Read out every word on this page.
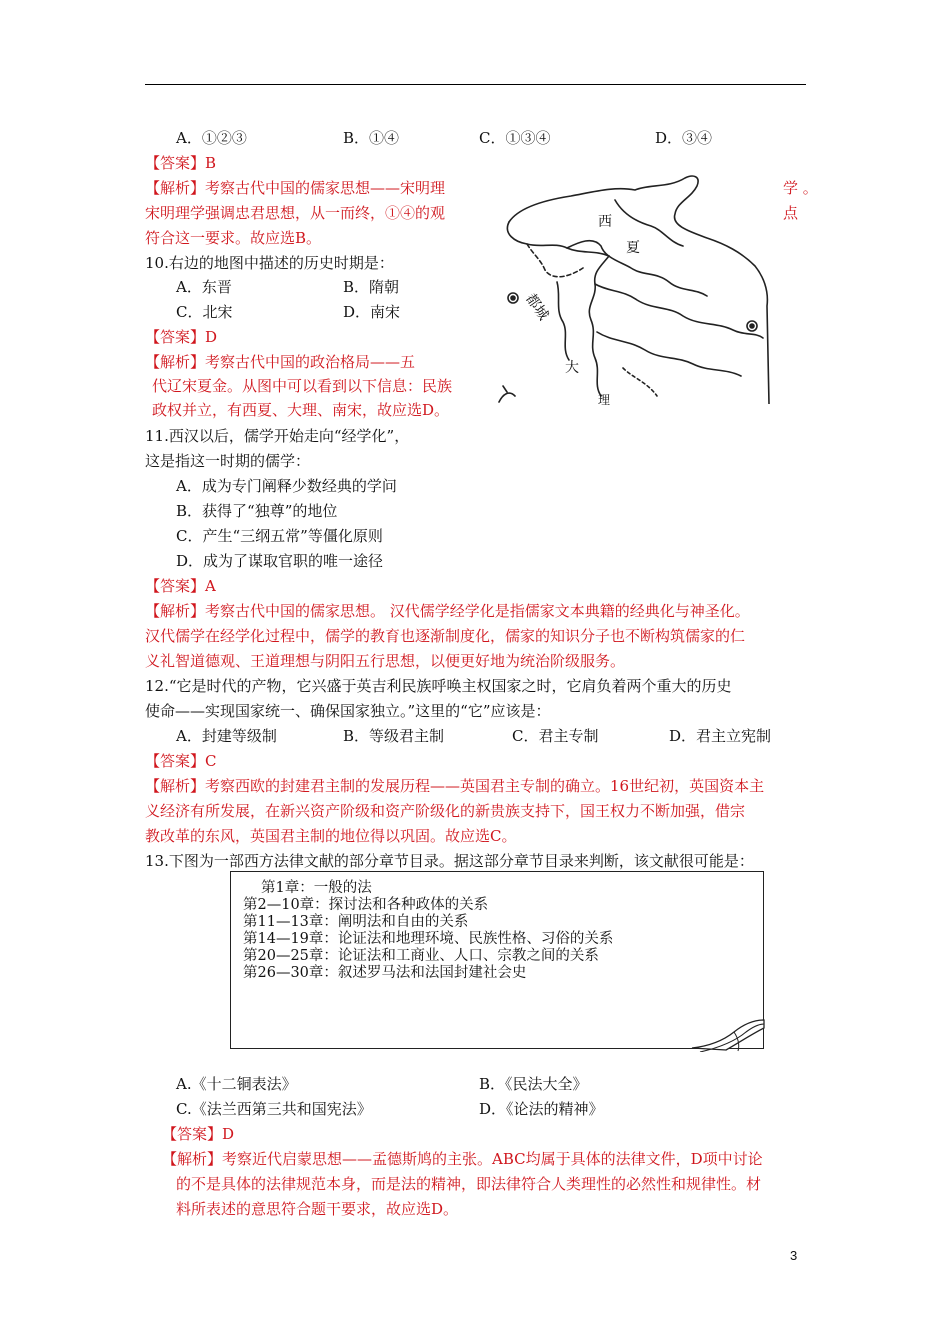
A．①②③	B．①④	C．①③④	D．③④
【答案】B
【解析】考察古代中国的儒家思想——宋明理	学 。
宋明理学强调忠君思想，从一而终，①④的观	点
符合这一要求。故应选B。
10.右边的地图中描述的历史时期是：
A．东晋	B．隋朝
C．北宋	D．南宋
【答案】D
【解析】考察古代中国的政治格局——五
代辽宋夏金。从图中可以看到以下信息：民族
政权并立，有西夏、大理、南宋，故应选D。
西
夏
都城
大
理
11.西汉以后，儒学开始走向“经学化”，
这是指这一时期的儒学：
A．成为专门阐释少数经典的学问
B．获得了“独尊”的地位
C．产生“三纲五常”等僵化原则
D．成为了谋取官职的唯一途径
【答案】A
【解析】考察古代中国的儒家思想。 汉代儒学经学化是指儒家文本典籍的经典化与神圣化。
汉代儒学在经学化过程中，儒学的教育也逐渐制度化，儒家的知识分子也不断构筑儒家的仁
义礼智道德观、王道理想与阴阳五行思想，以便更好地为统治阶级服务。
12.“它是时代的产物，它兴盛于英吉利民族呼唤主权国家之时，它肩负着两个重大的历史
使命——实现国家统一、确保国家独立。”这里的“它”应该是：
A．封建等级制	B．等级君主制	C．君主专制	D．君主立宪制
【答案】C
【解析】考察西欧的封建君主制的发展历程——英国君主专制的确立。16世纪初，英国资本主
义经济有所发展，在新兴资产阶级和资产阶级化的新贵族支持下，国王权力不断加强，借宗
教改革的东风，英国君主制的地位得以巩固。故应选C。
13.下图为一部西方法律文献的部分章节目录。据这部分章节目录来判断，该文献很可能是：
第1章：一般的法
第2—10章：探讨法和各种政体的关系
第11—13章：阐明法和自由的关系
第14—19章：论证法和地理环境、民族性格、习俗的关系
第20—25章：论证法和工商业、人口、宗教之间的关系
第26—30章：叙述罗马法和法国封建社会史
A.《十二铜表法》	B．《民法大全》
C.《法兰西第三共和国宪法》	D．《论法的精神》
【答案】D
【解析】考察近代启蒙思想——孟德斯鸠的主张。ABC均属于具体的法律文件，D项中讨论
的不是具体的法律规范本身，而是法的精神，即法律符合人类理性的必然性和规律性。材
料所表述的意思符合题干要求，故应选D。
3
